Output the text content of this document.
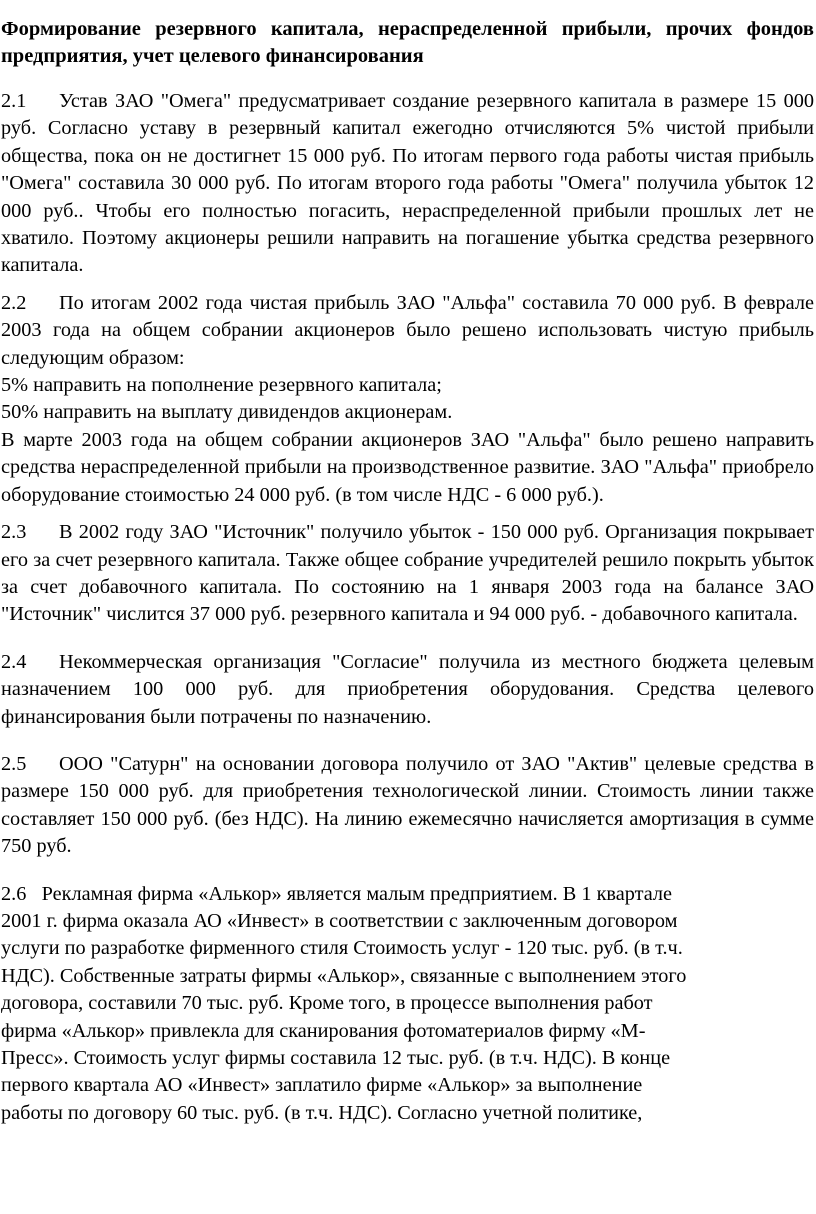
Формирование резервного капитала, нераспределенной прибыли, прочих фондов предприятия, учет целевого финансирования

2.1 Устав ЗАО "Омега" предусматривает создание резервного капитала в размере 15 000 руб. Согласно уставу в резервный капитал ежегодно отчисляются 5% чистой прибыли общества, пока он не достигнет 15 000 руб. По итогам первого года работы чистая прибыль "Омега" составила 30 000 руб. По итогам второго года работы "Омега" получила убыток 12 000 руб.. Чтобы его полностью погасить, нераспределенной прибыли прошлых лет не хватило. Поэтому акционеры решили направить на погашение убытка средства резервного капитала.

2.2 По итогам 2002 года чистая прибыль ЗАО "Альфа" составила 70 000 руб. В феврале 2003 года на общем собрании акционеров было решено использовать чистую прибыль следующим образом:

5% направить на пополнение резервного капитала;

50% направить на выплату дивидендов акционерам.

В марте 2003 года на общем собрании акционеров ЗАО "Альфа" было решено направить средства нераспределенной прибыли на производственное развитие. ЗАО "Альфа" приобрело оборудование стоимостью 24 000 руб. (в том числе НДС - 6 000 руб.).

2.3 В 2002 году ЗАО "Источник" получило убыток - 150 000 руб. Организация покрывает его за счет резервного капитала. Также общее собрание учредителей решило покрыть убыток за счет добавочного капитала. По состоянию на 1 января 2003 года на балансе ЗАО "Источник" числится 37 000 руб. резервного капитала и 94 000 руб. - добавочного капитала.

2.4 Некоммерческая организация "Согласие" получила из местного бюджета целевым назначением 100 000 руб. для приобретения оборудования. Средства целевого финансирования были потрачены по назначению.

2.5 ООО "Сатурн" на основании договора получило от ЗАО "Актив" целевые средства в размере 150 000 руб. для приобретения технологической линии. Стоимость линии также составляет 150 000 руб. (без НДС). На линию ежемесячно начисляется амортизация в сумме 750 руб.

2.6 Рекламная фирма «Алькор» является малым предприятием. В 1 квартале
2001 г. фирма оказала АО «Инвест» в соответствии с заключенным договором
услуги по разработке фирменного стиля Стоимость услуг - 120 тыс. руб. (в т.ч.
НДС). Собственные затраты фирмы «Алькор», связанные с выполнением этого
договора, составили 70 тыс. руб. Кроме того, в процессе выполнения работ
фирма «Алькор» привлекла для сканирования фотоматериалов фирму «М-
Пресс». Стоимость услуг фирмы составила 12 тыс. руб. (в т.ч. НДС). В конце
первого квартала АО «Инвест» заплатило фирме «Алькор» за выполнение
работы по договору 60 тыс. руб. (в т.ч. НДС). Согласно учетной политике,
